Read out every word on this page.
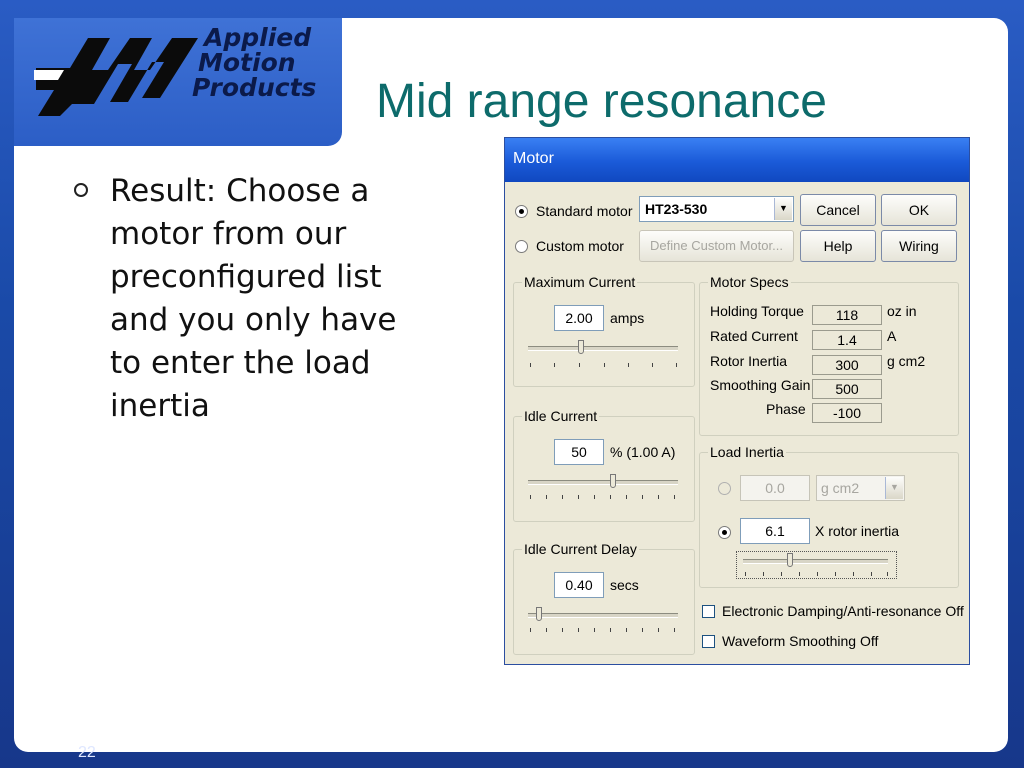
Applied
Motion
Products Mid range resonance
Result: Choose a
motor from our
preconfigured list
and you only have
to enter the load
inertia
22
Motor
Standard motor HT23-530	▼	Cancel	OK
Custom motor	Define Custom Motor...	Help	Wiring
Maximum Current
2.00	amps
Idle Current
50	% (1.00 A)
Idle Current Delay
0.40	secs
Motor Specs
Holding Torque	118	oz in
Rated Current	1.4	A
Rotor Inertia	300	g cm2
Smoothing Gain	500
Phase	-100
Load Inertia
0.0	g cm2	▼
6.1	X rotor inertia
Electronic Damping/Anti-resonance Off
Waveform Smoothing Off
